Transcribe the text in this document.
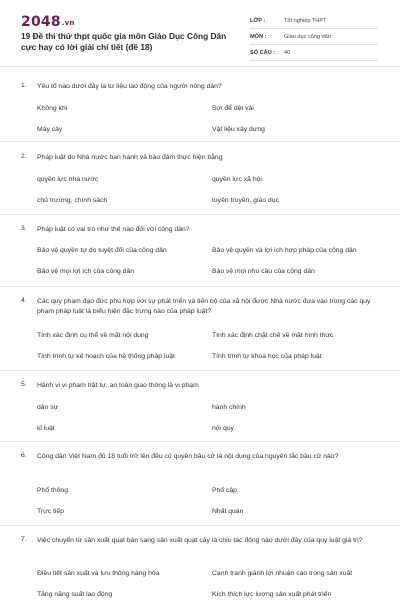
2048.vn
19 Đề thi thử thpt quốc gia môn Giáo Dục Công Dân cực hay có lời giải chi tiết (đề 18)
LỚP :	Tốt nghiệp THPT
MÔN :	Giáo dục công dân
SỐ CÂU :	40
1. Yếu tố nào dưới đây là tư liệu lao động của người nông dân?
Không khí	Sợi để dệt vải
Máy cày	Vật liệu xây dựng
2. Pháp luật do Nhà nước ban hành và bảo đảm thực hiện bằng
quyền lực nhà nước	quyền lực xã hội
chủ trương, chính sách	tuyên truyền, giáo dục
3. Pháp luật có vai trò như thế nào đối với công dân?
Bảo vệ quyền tự do tuyệt đối của công dân	Bảo vệ quyền và lợi ích hợp pháp của công dân
Bảo vệ mọi lợi ích của công dân	Bảo vệ mọi nhu cầu của công dân
4. Các quy phạm đạo đức phù hợp với sự phát triển và tiến bộ của xã hội được Nhà nước đưa vào trong các quy phạm pháp luật là biểu hiện đặc trưng nào của pháp luật?
Tính xác định cụ thể về mặt nội dung	Tính xác định chặt chẽ về mặt hình thức
Tính trình tự kế hoạch của hệ thống pháp luật	Tính trình tự khoa học của pháp luật
5. Hành vi vi phạm trật tự, an toàn giao thông là vi phạm
dân sự	hành chính
kỉ luật	nội quy
6. Công dân Việt Nam đủ 18 tuổi trở lên đều có quyền bầu cử là nội dung của nguyên tắc bầu cử nào?
Phổ thông	Phổ cập
Trực tiếp	Nhất quán
7. Việc chuyển từ sản xuất quạt bàn sang sản xuất quạt cây là chịu tác động nào dưới đây của quy luật giá trị?
Điều tiết sản xuất và lưu thông hàng hóa	Cạnh tranh giành lợi nhuận cao trong sản xuất
Tăng năng suất lao động	Kích thích lực lượng sản xuất phát triển
